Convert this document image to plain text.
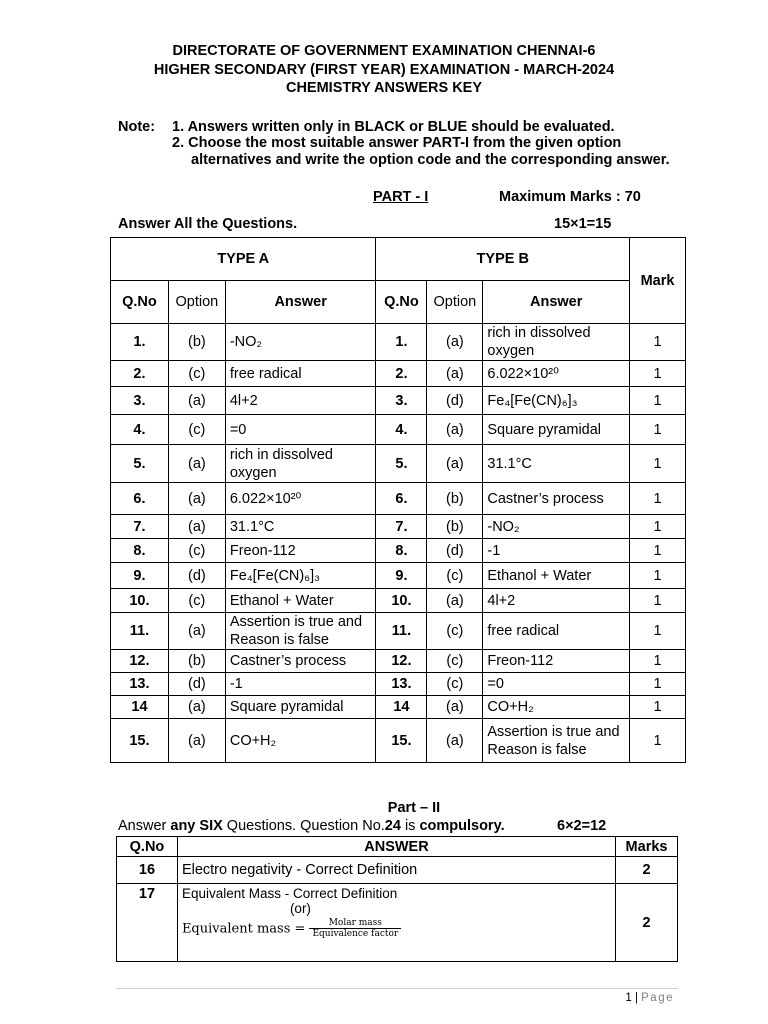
DIRECTORATE OF GOVERNMENT EXAMINATION CHENNAI-6
HIGHER SECONDARY (FIRST YEAR) EXAMINATION - MARCH-2024
CHEMISTRY ANSWERS KEY
Note: 1. Answers written only in BLACK or BLUE should be evaluated.
2. Choose the most suitable answer PART-I from the given option
alternatives and write the option code and the corresponding answer.
PART - I	Maximum Marks : 70
Answer All the Questions.	15×1=15
TYPE A			TYPE B			Mark
Q.No	Option	Answer	Q.No	Option	Answer	
1.	(b)	-NO₂	1.	(a)	rich in dissolved oxygen	1
2.	(c)	free radical	2.	(a)	6.022×10²⁰	1
3.	(a)	4l+2	3.	(d)	Fe₄[Fe(CN)₆]₃	1
4.	(c)	=0	4.	(a)	Square pyramidal	1
5.	(a)	rich in dissolved oxygen	5.	(a)	31.1°C	1
6.	(a)	6.022×10²⁰	6.	(b)	Castner’s process	1
7.	(a)	31.1°C	7.	(b)	-NO₂	1
8.	(c)	Freon-112	8.	(d)	-1	1
9.	(d)	Fe₄[Fe(CN)₆]₃	9.	(c)	Ethanol + Water	1
10.	(c)	Ethanol + Water	10.	(a)	4l+2	1
11.	(a)	Assertion is true and Reason is false	11.	(c)	free radical	1
12.	(b)	Castner’s process	12.	(c)	Freon-112	1
13.	(d)	-1	13.	(c)	=0	1
14	(a)	Square pyramidal	14	(a)	CO+H₂	1
15.	(a)	CO+H₂	15.	(a)	Assertion is true and Reason is false	1
Part – II
Answer any SIX Questions. Question No.24 is compulsory.	6×2=12
Q.No	ANSWER	Marks
16	Electro negativity - Correct Definition	2
17	Equivalent Mass - Correct Definition
(or)
Equivalent mass = $\frac{\text{Molar mass}}{\text{Equivalence factor}}$	2
1 | Page
